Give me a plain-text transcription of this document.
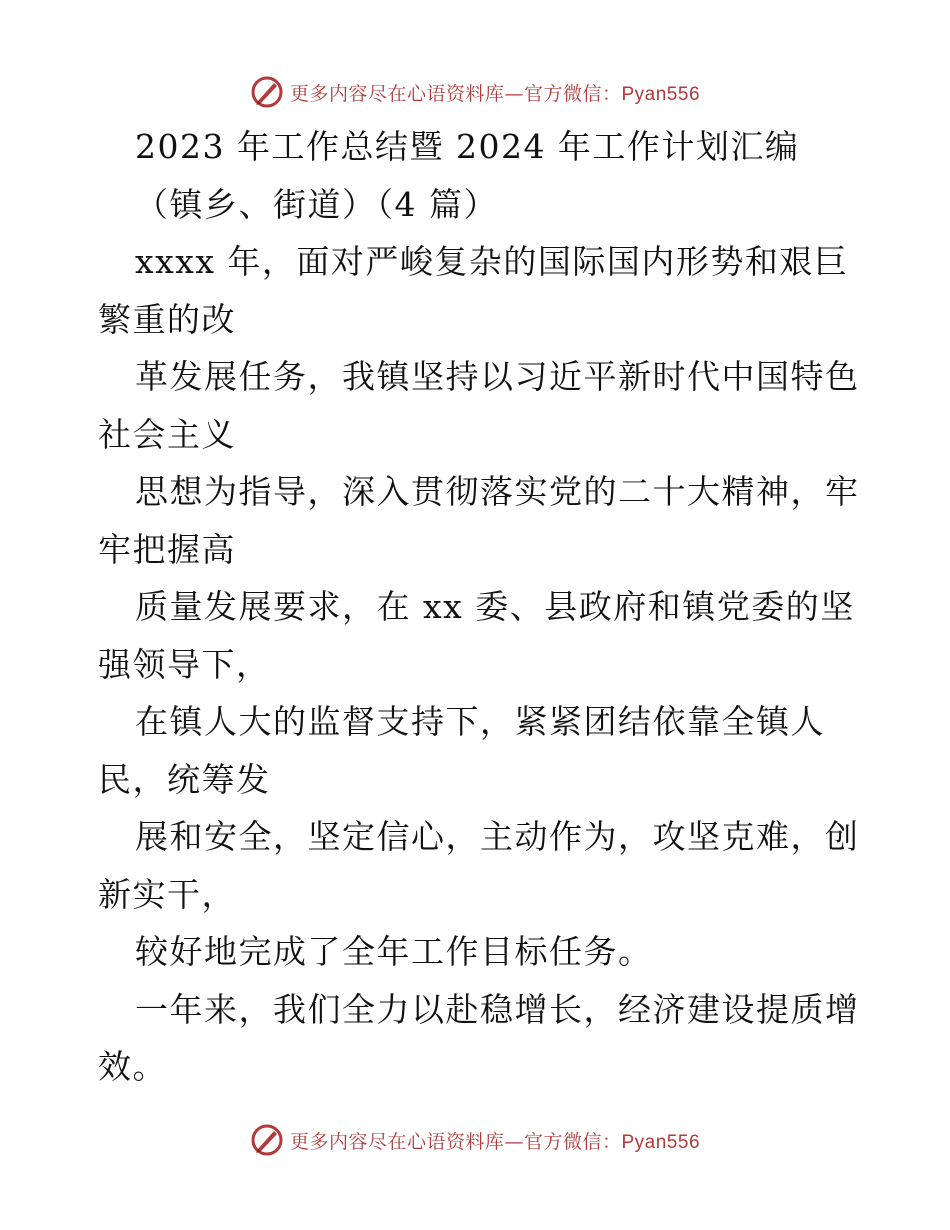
更多内容尽在心语资料库—官方微信：Pyan556
2023 年工作总结暨 2024 年工作计划汇编
（镇乡、街道）（4 篇）
xxxx 年，面对严峻复杂的国际国内形势和艰巨
繁重的改
革发展任务，我镇坚持以习近平新时代中国特色
社会主义
思想为指导，深入贯彻落实党的二十大精神，牢
牢把握高
质量发展要求，在 xx 委、县政府和镇党委的坚
强领导下，
在镇人大的监督支持下，紧紧团结依靠全镇人
民，统筹发
展和安全，坚定信心，主动作为，攻坚克难，创
新实干，
较好地完成了全年工作目标任务。
一年来，我们全力以赴稳增长，经济建设提质增
效。
更多内容尽在心语资料库—官方微信：Pyan556
